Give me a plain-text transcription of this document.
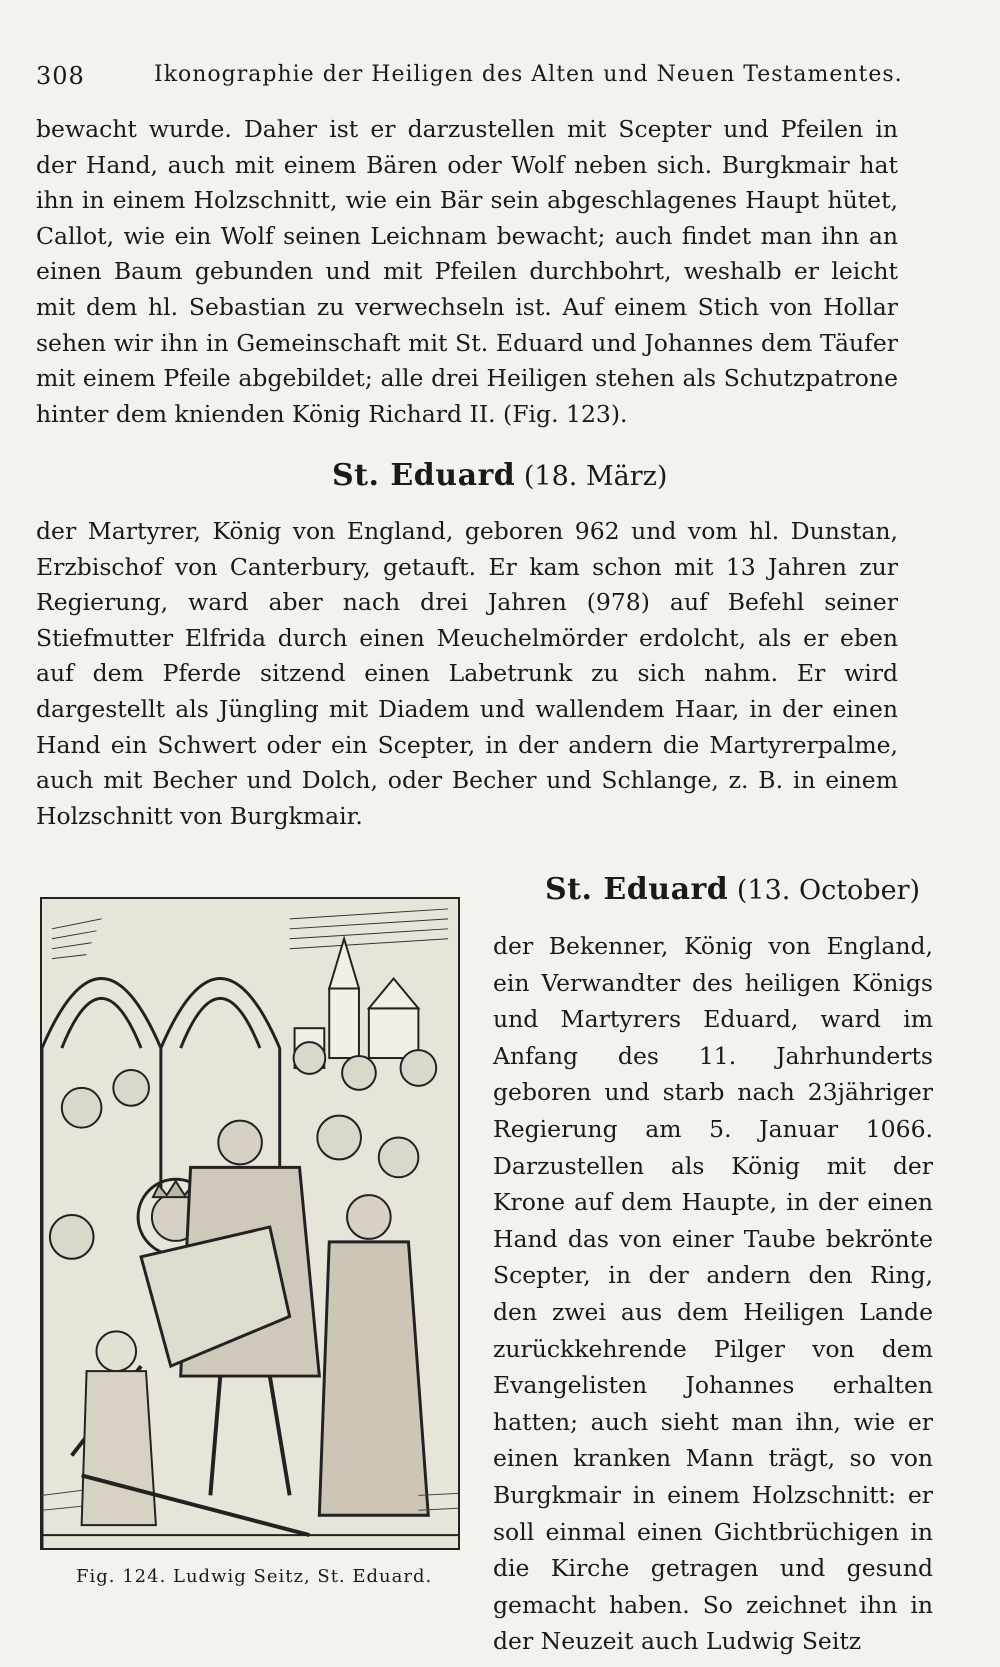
308	Ikonographie der Heiligen des Alten und Neuen Testamentes.

bewacht wurde. Daher ist er darzustellen mit Scepter und Pfeilen in der Hand, auch mit einem Bären oder Wolf neben sich. Burgkmair hat ihn in einem Holzschnitt, wie ein Bär sein abgeschlagenes Haupt hütet, Callot, wie ein Wolf seinen Leichnam bewacht; auch findet man ihn an einen Baum gebunden und mit Pfeilen durchbohrt, weshalb er leicht mit dem hl. Sebastian zu verwechseln ist. Auf einem Stich von Hollar sehen wir ihn in Gemeinschaft mit St. Eduard und Johannes dem Täufer mit einem Pfeile abgebildet; alle drei Heiligen stehen als Schutzpatrone hinter dem knienden König Richard II. (Fig. 123).

St. Eduard (18. März)

der Martyrer, König von England, geboren 962 und vom hl. Dunstan, Erzbischof von Canterbury, getauft. Er kam schon mit 13 Jahren zur Regierung, ward aber nach drei Jahren (978) auf Befehl seiner Stiefmutter Elfrida durch einen Meuchelmörder erdolcht, als er eben auf dem Pferde sitzend einen Labetrunk zu sich nahm. Er wird dargestellt als Jüngling mit Diadem und wallendem Haar, in der einen Hand ein Schwert oder ein Scepter, in der andern die Martyrerpalme, auch mit Becher und Dolch, oder Becher und Schlange, z. B. in einem Holzschnitt von Burgkmair.

St. Eduard (13. October)

der Bekenner, König von England, ein Verwandter des heiligen Königs und Martyrers Eduard, ward im Anfang des 11. Jahrhunderts geboren und starb nach 23jähriger Regierung am 5. Januar 1066. Darzustellen als König mit der Krone auf dem Haupte, in der einen Hand das von einer Taube bekrönte Scepter, in der andern den Ring, den zwei aus dem Heiligen Lande zurückkehrende Pilger von dem Evangelisten Johannes erhalten hatten; auch sieht man ihn, wie er einen kranken Mann trägt, so von Burgkmair in einem Holzschnitt: er soll einmal einen Gichtbrüchigen in die Kirche getragen und gesund gemacht haben. So zeichnet ihn in der Neuzeit auch Ludwig Seitz

Fig. 124. Ludwig Seitz, St. Eduard.
